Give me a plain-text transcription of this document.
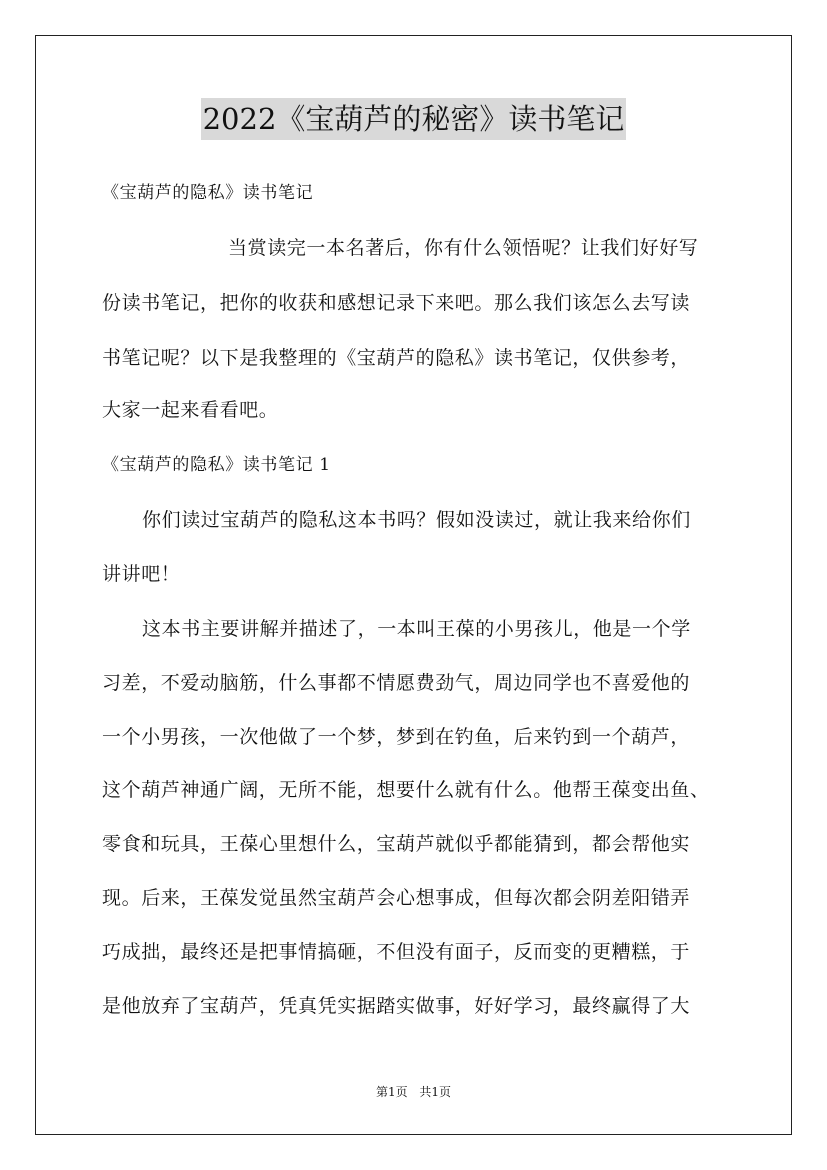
2022《宝葫芦的秘密》读书笔记
《宝葫芦的隐私》读书笔记
当赏读完一本名著后，你有什么领悟呢？让我们好好写
份读书笔记，把你的收获和感想记录下来吧。那么我们该怎么去写读
书笔记呢？以下是我整理的《宝葫芦的隐私》读书笔记，仅供参考，
大家一起来看看吧。
《宝葫芦的隐私》读书笔记 1
你们读过宝葫芦的隐私这本书吗？假如没读过，就让我来给你们
讲讲吧！
这本书主要讲解并描述了，一本叫王葆的小男孩儿，他是一个学
习差，不爱动脑筋，什么事都不情愿费劲气，周边同学也不喜爱他的
一个小男孩，一次他做了一个梦，梦到在钓鱼，后来钓到一个葫芦，
这个葫芦神通广阔，无所不能，想要什么就有什么。他帮王葆变出鱼、
零食和玩具，王葆心里想什么，宝葫芦就似乎都能猜到，都会帮他实
现。后来，王葆发觉虽然宝葫芦会心想事成，但每次都会阴差阳错弄
巧成拙，最终还是把事情搞砸，不但没有面子，反而变的更糟糕，于
是他放弃了宝葫芦，凭真凭实据踏实做事，好好学习，最终赢得了大
第1页 共1页
